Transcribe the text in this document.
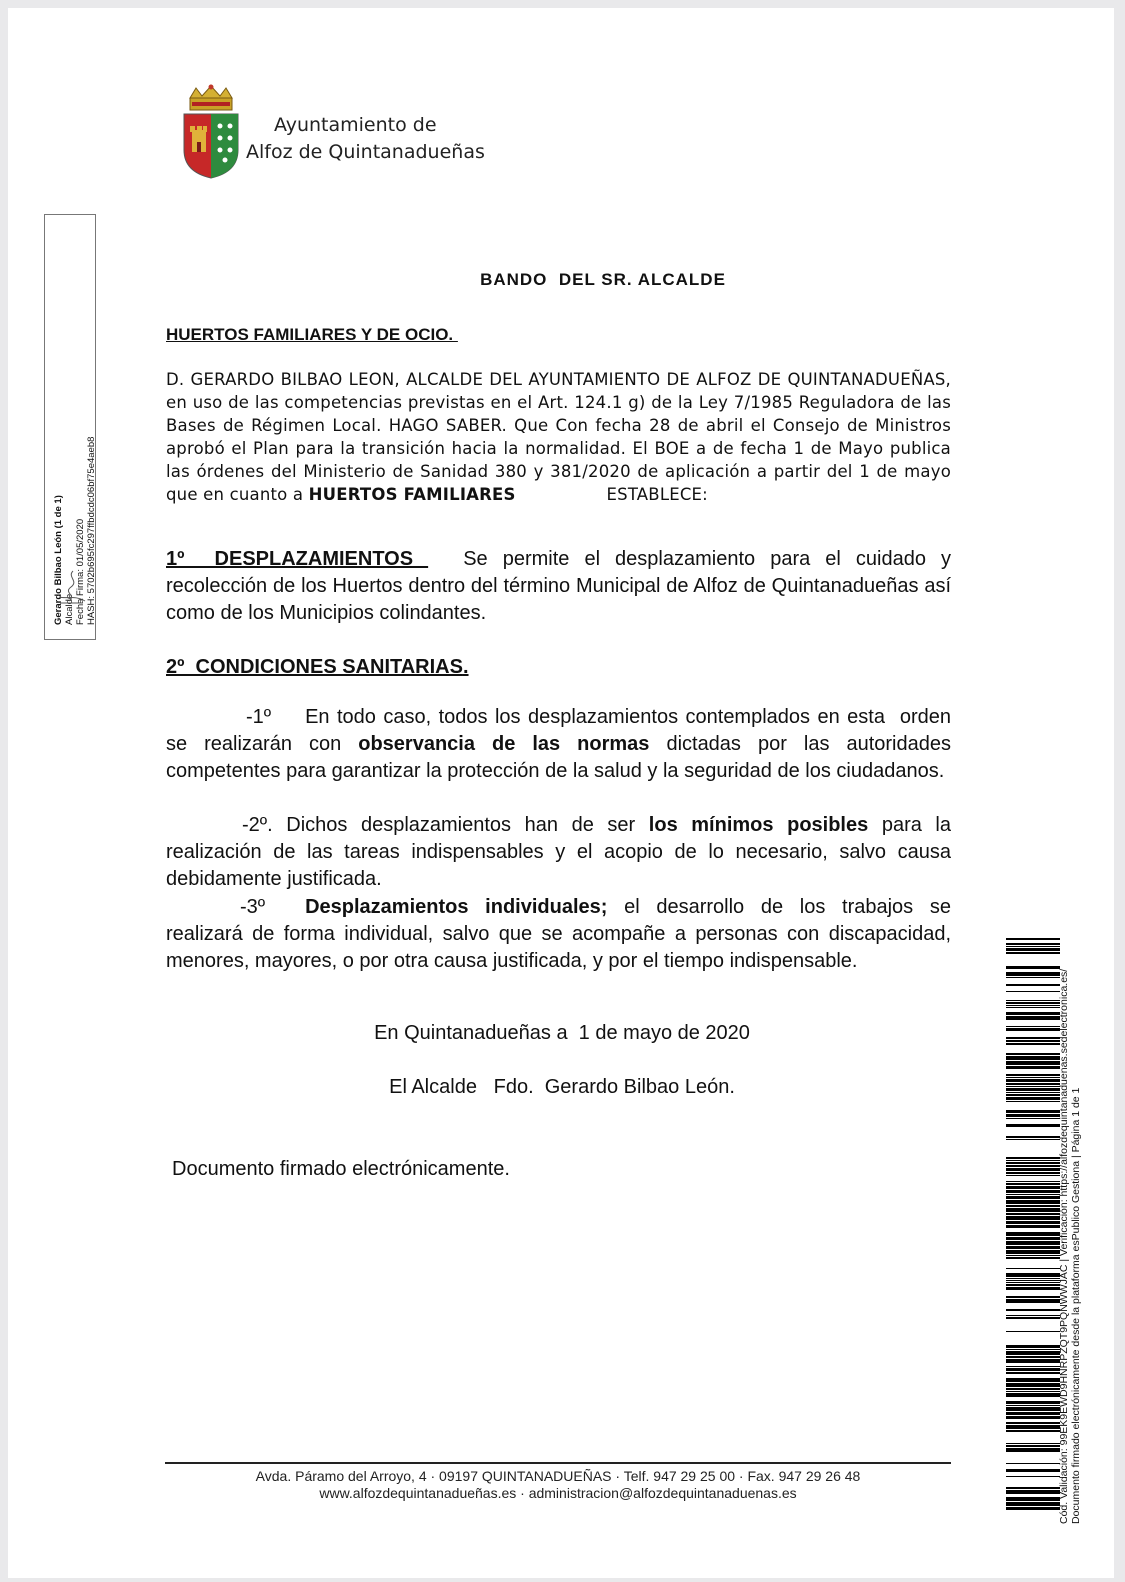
Ayuntamiento de
Alfoz de Quintanadueñas
Gerardo Bilbao León (1 de 1) Alcalde Fecha Firma: 01/05/2020 HASH: 5702b695fc297ffbdcdc06bf75e4aeb8
BANDO  DEL SR. ALCALDE
HUERTOS FAMILIARES Y DE OCIO.
D. GERARDO BILBAO LEON, ALCALDE DEL AYUNTAMIENTO DE ALFOZ DE QUINTANADUEÑAS, en uso de las competencias previstas en el Art. 124.1 g) de la Ley 7/1985 Reguladora de las Bases de Régimen Local. HAGO SABER. Que Con fecha 28 de abril el Consejo de Ministros aprobó el Plan para la transición hacia la normalidad. El BOE a de fecha 1 de Mayo publica las órdenes del Ministerio de Sanidad 380 y 381/2020 de aplicación a partir del 1 de mayo que en cuanto a HUERTOS FAMILIARES	ESTABLECE:
1º  DESPLAZAMIENTOS  Se permite el desplazamiento para el cuidado y recolección de los Huertos dentro del término Municipal de Alfoz de Quintanadueñas así como de los Municipios colindantes.
2º  CONDICIONES SANITARIAS.
-1º En todo caso, todos los desplazamientos contemplados en esta  orden  se realizarán con observancia de las normas dictadas por las autoridades competentes para garantizar la protección de la salud y la seguridad de los ciudadanos.
-2º. Dichos desplazamientos han de ser los mínimos posibles para la realización de las tareas indispensables y el acopio de lo necesario, salvo causa debidamente justificada.
-3º Desplazamientos individuales; el desarrollo de los trabajos se realizará de forma individual, salvo que se acompañe a personas con discapacidad, menores, mayores, o por otra causa justificada, y por el tiempo indispensable.
En Quintanadueñas a  1 de mayo de 2020
El Alcalde   Fdo.  Gerardo Bilbao León.
Documento firmado electrónicamente.
Avda. Páramo del Arroyo, 4 · 09197 QUINTANADUEÑAS · Telf. 947 29 25 00 · Fax. 947 29 26 48
www.alfozdequintanadueñas.es · administracion@alfozdequintanaduenas.es	Cód. Validación: 99EK9EWD9HNRPZQT9PQNWWJAC | Verificación: https://alfozdequintanaduenas.sedelectronica.es/ Documento firmado electrónicamente desde la plataforma esPublico Gestiona | Página 1 de 1
